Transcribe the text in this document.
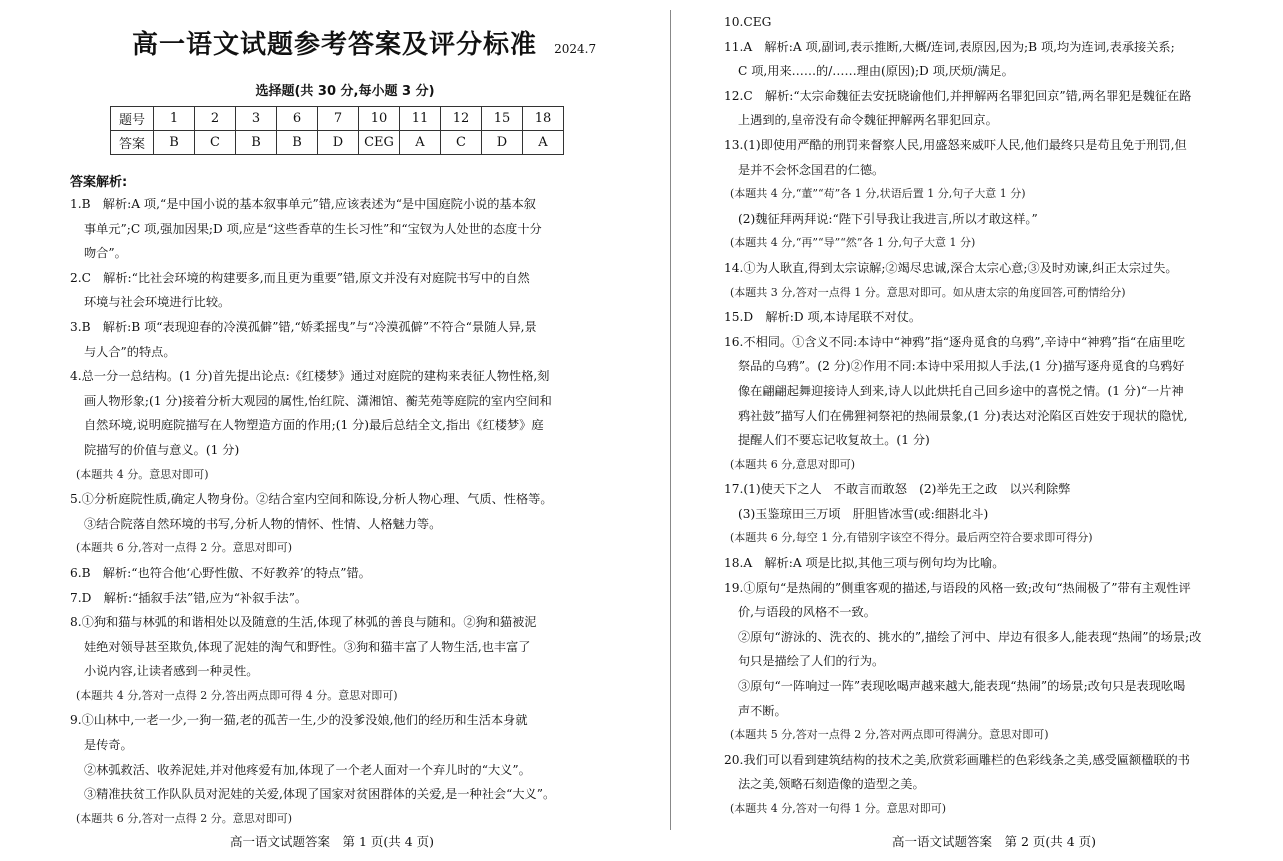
高一语文试题参考答案及评分标准 2024.7
选择题(共 30 分,每小题 3 分)
题号	1	2	3	6	7	10	11	12	15	18
答案	B	C	B	B	D	CEG	A	C	D	A
答案解析:

1.B　解析:A 项,“是中国小说的基本叙事单元”错,应该表述为“是中国庭院小说的基本叙

事单元”;C 项,强加因果;D 项,应是“这些香草的生长习性”和“宝钗为人处世的态度十分

吻合”。

2.C　解析:“比社会环境的构建要多,而且更为重要”错,原文并没有对庭院书写中的自然

环境与社会环境进行比较。

3.B　解析:B 项“表现迎春的冷漠孤僻”错,“娇柔摇曳”与“冷漠孤僻”不符合“景随人异,景

与人合”的特点。

4.总一分一总结构。(1 分)首先提出论点:《红楼梦》通过对庭院的建构来表征人物性格,刻

画人物形象;(1 分)接着分析大观园的属性,怡红院、潇湘馆、蘅芜苑等庭院的室内空间和

自然环境,说明庭院描写在人物塑造方面的作用;(1 分)最后总结全文,指出《红楼梦》庭

院描写的价值与意义。(1 分)

(本题共 4 分。意思对即可)

5.①分析庭院性质,确定人物身份。②结合室内空间和陈设,分析人物心理、气质、性格等。

③结合院落自然环境的书写,分析人物的情怀、性情、人格魅力等。

(本题共 6 分,答对一点得 2 分。意思对即可)

6.B　解析:“也符合他‘心野性傲、不好教养’的特点”错。

7.D　解析:“插叙手法”错,应为“补叙手法”。

8.①狗和猫与林弧的和谐相处以及随意的生活,体现了林弧的善良与随和。②狗和猫被泥

娃绝对领导甚至欺负,体现了泥娃的淘气和野性。③狗和猫丰富了人物生活,也丰富了

小说内容,让读者感到一种灵性。

(本题共 4 分,答对一点得 2 分,答出两点即可得 4 分。意思对即可)

9.①山林中,一老一少,一狗一猫,老的孤苦一生,少的没爹没娘,他们的经历和生活本身就

是传奇。

②林弧救活、收养泥娃,并对他疼爱有加,体现了一个老人面对一个弃儿时的“大义”。

③精准扶贫工作队队员对泥娃的关爱,体现了国家对贫困群体的关爱,是一种社会“大义”。

(本题共 6 分,答对一点得 2 分。意思对即可)

10.CEG

11.A　解析:A 项,副词,表示推断,大概/连词,表原因,因为;B 项,均为连词,表承接关系;

C 项,用来……的/……理由(原因);D 项,厌烦/满足。

12.C　解析:“太宗命魏征去安抚晓谕他们,并押解两名罪犯回京”错,两名罪犯是魏征在路

上遇到的,皇帝没有命令魏征押解两名罪犯回京。

13.(1)即使用严酷的刑罚来督察人民,用盛怒来威吓人民,他们最终只是苟且免于刑罚,但

是并不会怀念国君的仁德。

(本题共 4 分,“董”“苟”各 1 分,状语后置 1 分,句子大意 1 分)

(2)魏征拜两拜说:“陛下引导我让我进言,所以才敢这样。”

(本题共 4 分,“再”“导”“然”各 1 分,句子大意 1 分)

14.①为人耿直,得到太宗谅解;②竭尽忠诚,深合太宗心意;③及时劝谏,纠正太宗过失。

(本题共 3 分,答对一点得 1 分。意思对即可。如从唐太宗的角度回答,可酌情给分)

15.D　解析:D 项,本诗尾联不对仗。

16.不相同。①含义不同:本诗中“神鸦”指“逐舟觅食的乌鸦”,辛诗中“神鸦”指“在庙里吃

祭品的乌鸦”。(2 分)②作用不同:本诗中采用拟人手法,(1 分)描写逐舟觅食的乌鸦好

像在翩翩起舞迎接诗人到来,诗人以此烘托自己回乡途中的喜悦之情。(1 分)“一片神

鸦社鼓”描写人们在佛狸祠祭祀的热闹景象,(1 分)表达对沦陷区百姓安于现状的隐忧,

提醒人们不要忘记收复故土。(1 分)

(本题共 6 分,意思对即可)

17.(1)使天下之人　不敢言而敢怒　(2)举先王之政　以兴利除弊

(3)玉鉴琼田三万顷　肝胆皆冰雪(或:细斟北斗)

(本题共 6 分,每空 1 分,有错别字该空不得分。最后两空符合要求即可得分)

18.A　解析:A 项是比拟,其他三项与例句均为比喻。

19.①原句“是热闹的”侧重客观的描述,与语段的风格一致;改句“热闹极了”带有主观性评

价,与语段的风格不一致。

②原句“游泳的、洗衣的、挑水的”,描绘了河中、岸边有很多人,能表现“热闹”的场景;改

句只是描绘了人们的行为。

③原句“一阵响过一阵”表现吆喝声越来越大,能表现“热闹”的场景;改句只是表现吆喝

声不断。

(本题共 5 分,答对一点得 2 分,答对两点即可得满分。意思对即可)

20.我们可以看到建筑结构的技术之美,欣赏彩画雕栏的色彩线条之美,感受匾额楹联的书

法之美,领略石刻造像的造型之美。

(本题共 4 分,答对一句得 1 分。意思对即可)

高一语文试题答案　第 1 页(共 4 页)	高一语文试题答案　第 2 页(共 4 页)
